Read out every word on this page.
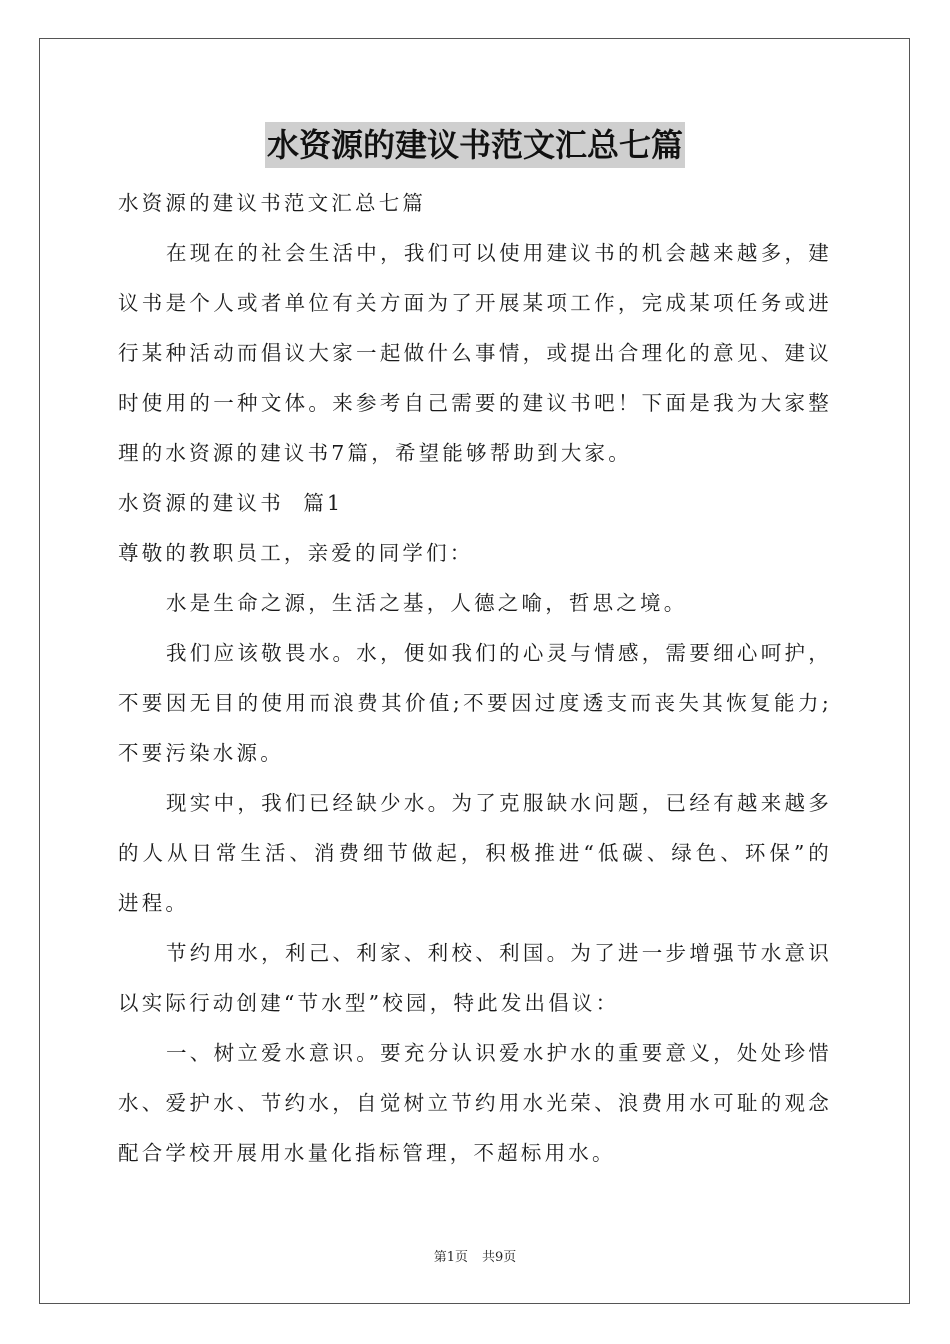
水资源的建议书范文汇总七篇

水资源的建议书范文汇总七篇

在现在的社会生活中，我们可以使用建议书的机会越来越多，建议书是个人或者单位有关方面为了开展某项工作，完成某项任务或进行某种活动而倡议大家一起做什么事情，或提出合理化的意见、建议时使用的一种文体。来参考自己需要的建议书吧！下面是我为大家整理的水资源的建议书7篇，希望能够帮助到大家。

水资源的建议书  篇1

尊敬的教职员工，亲爱的同学们：

水是生命之源，生活之基，人德之喻，哲思之境。

我们应该敬畏水。水，便如我们的心灵与情感，需要细心呵护，不要因无目的使用而浪费其价值;不要因过度透支而丧失其恢复能力;不要污染水源。

现实中，我们已经缺少水。为了克服缺水问题，已经有越来越多的人从日常生活、消费细节做起，积极推进“低碳、绿色、环保”的进程。

节约用水，利己、利家、利校、利国。为了进一步增强节水意识以实际行动创建“节水型”校园，特此发出倡议：

一、树立爱水意识。要充分认识爱水护水的重要意义，处处珍惜水、爱护水、节约水，自觉树立节约用水光荣、浪费用水可耻的观念配合学校开展用水量化指标管理，不超标用水。

第1页 共9页
